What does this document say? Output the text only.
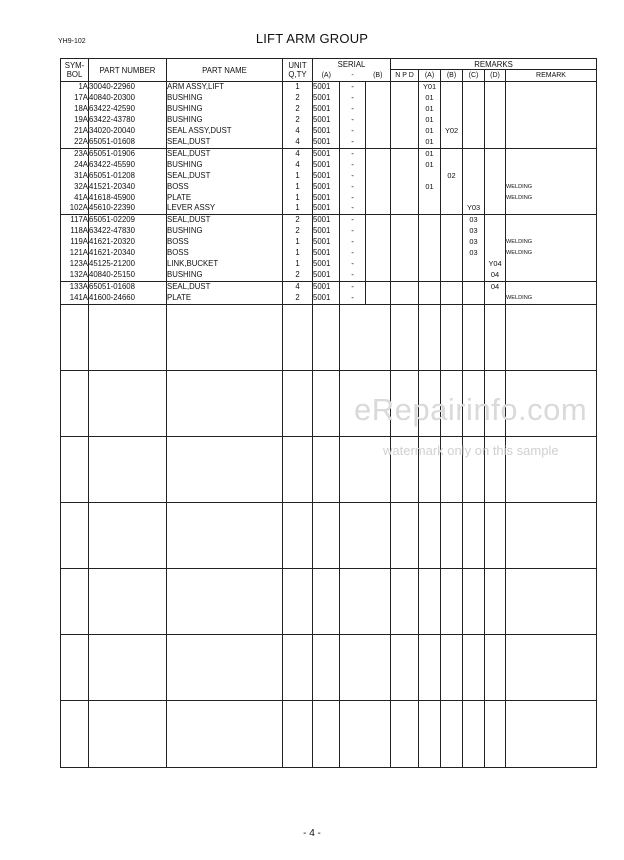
YH9-102	LIFT ARM GROUP
SYM-
BOL	PART NUMBER	PART NAME	UNIT
Q,TY	SERIAL			REMARKS					
				(A)	-	(B)	N P D	(A)	(B)	(C)	(D)	REMARK
1A	30040-22960	ARM ASSY,LIFT	1	5001	-			Y01				
17A	40840-20300	BUSHING	2	5001	-			01				
18A	63422-42590	BUSHING	2	5001	-			01				
19A	63422-43780	BUSHING	2	5001	-			01				
21A	34020-20040	SEAL ASSY,DUST	4	5001	-			01	Y02			
22A	65051-01608	SEAL,DUST	4	5001	-			01				
23A	65051-01906	SEAL,DUST	4	5001	-			01				
24A	63422-45590	BUSHING	4	5001	-			01				
31A	65051-01208	SEAL,DUST	1	5001	-				02			
32A	41521-20340	BOSS	1	5001	-			01				WELDING
41A	41618-45900	PLATE	1	5001	-							WELDING
102A	45610-22390	LEVER ASSY	1	5001	-					Y03		
117A	65051-02209	SEAL,DUST	2	5001	-					03		
118A	63422-47830	BUSHING	2	5001	-					03		
119A	41621-20320	BOSS	1	5001	-					03		WELDING
121A	41621-20340	BOSS	1	5001	-					03		WELDING
123A	45125-21200	LINK,BUCKET	1	5001	-						Y04	
132A	40840-25150	BUSHING	2	5001	-						04	
133A	65051-01608	SEAL,DUST	4	5001	-						04	
141A	41600-24660	PLATE	2	5001	-							WELDING

eRepairinfo.com
watermark only on this sample
- 4 -
